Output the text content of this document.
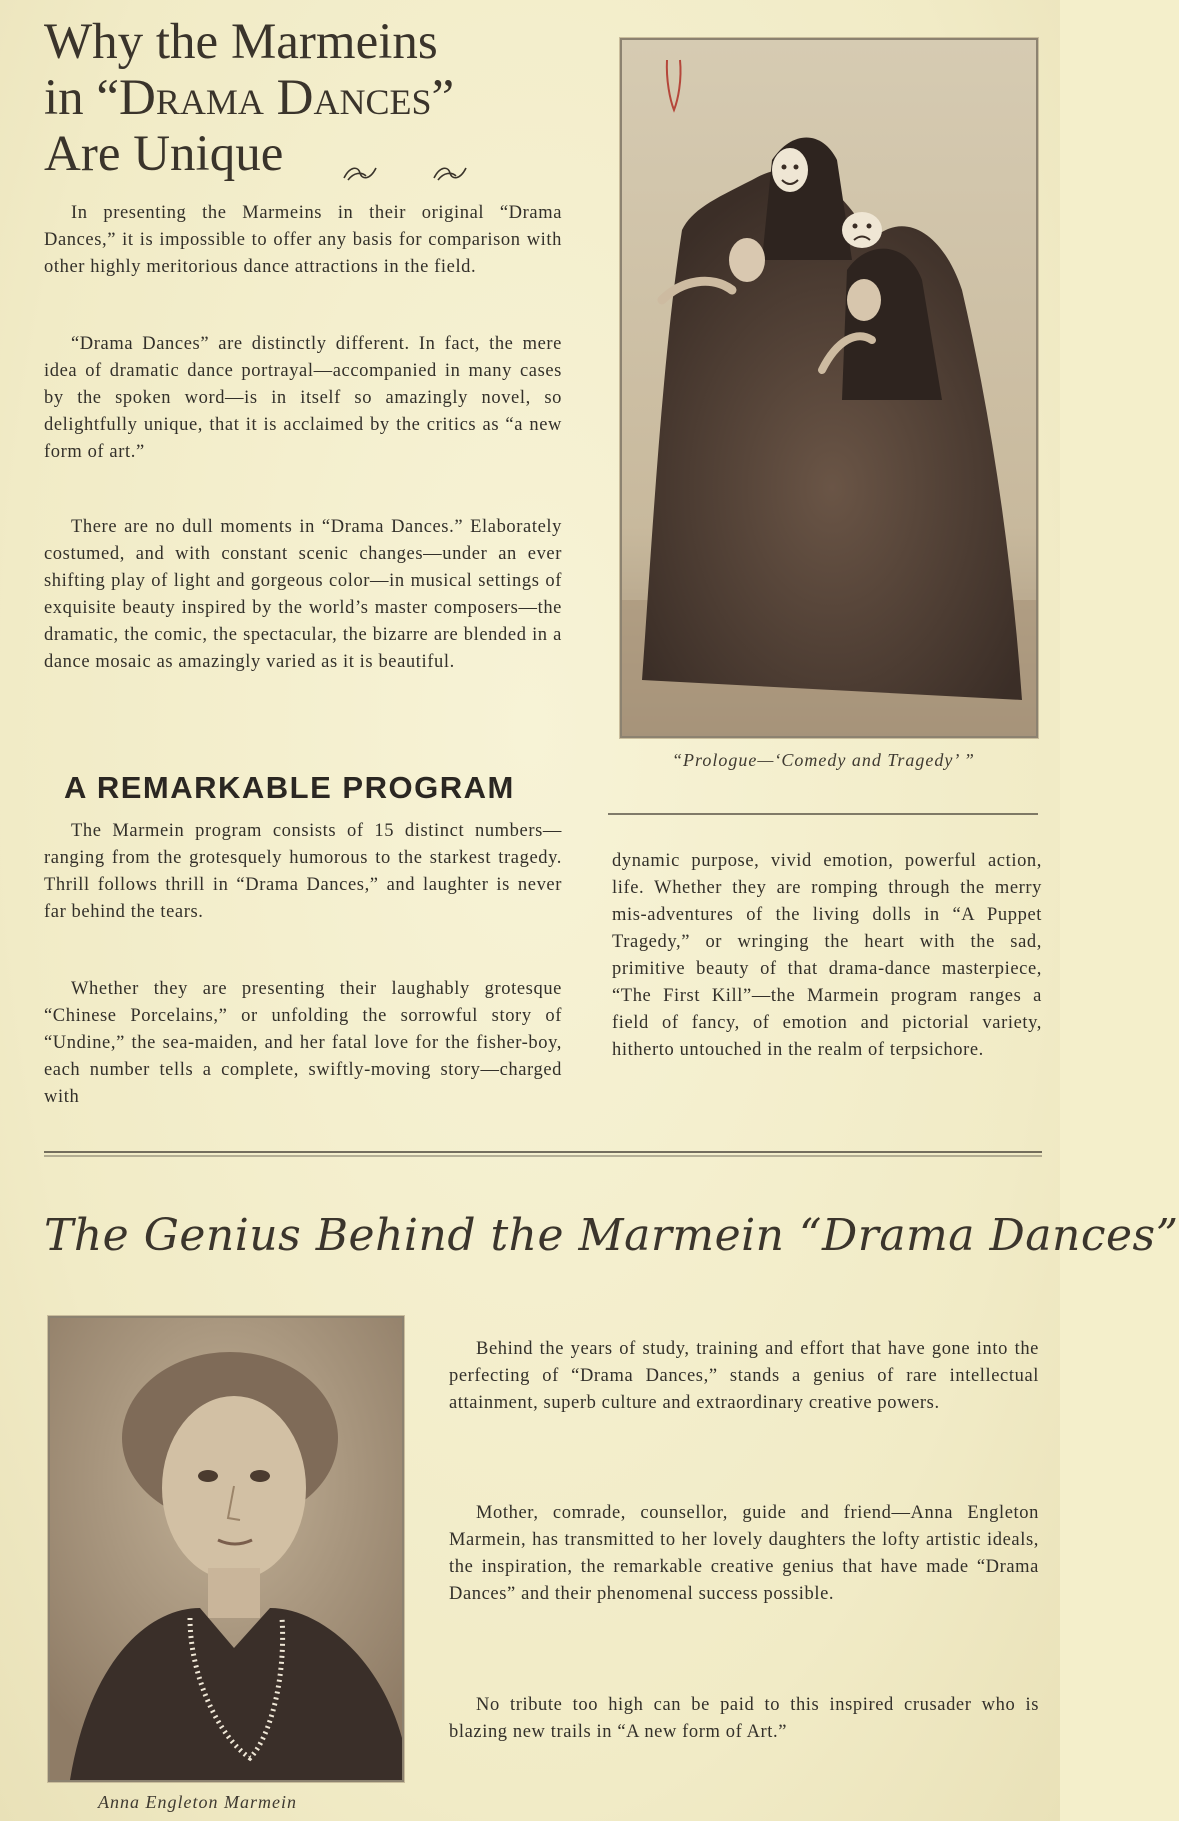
Why the Marmeins
in “Drama Dances”
Are Unique

In presenting the Marmeins in their original “Drama Dances,” it is impossible to offer any basis for comparison with other highly meritorious dance attractions in the field.

“Drama Dances” are distinctly different. In fact, the mere idea of dramatic dance portrayal—accompanied in many cases by the spoken word—is in itself so amazingly novel, so delightfully unique, that it is acclaimed by the critics as “a new form of art.”

There are no dull moments in “Drama Dances.” Elaborately costumed, and with constant scenic changes—under an ever shifting play of light and gorgeous color—in musical settings of exquisite beauty inspired by the world’s master composers—the dramatic, the comic, the spectacular, the bizarre are blended in a dance mosaic as amazingly varied as it is beautiful.

“Prologue—‘Comedy and Tragedy’ ”

A REMARKABLE PROGRAM

The Marmein program consists of 15 distinct numbers—ranging from the grotesquely humorous to the starkest tragedy. Thrill follows thrill in “Drama Dances,” and laughter is never far behind the tears.

Whether they are presenting their laughably grotesque “Chinese Porcelains,” or unfolding the sorrowful story of “Undine,” the sea-maiden, and her fatal love for the fisher-boy, each number tells a complete, swiftly-moving story—charged with

dynamic purpose, vivid emotion, powerful action, life. Whether they are romping through the merry mis-adventures of the living dolls in “A Puppet Tragedy,” or wringing the heart with the sad, primitive beauty of that drama-dance masterpiece, “The First Kill”—the Marmein program ranges a field of fancy, of emotion and pictorial variety, hitherto untouched in the realm of terpsichore.

The Genius Behind the Marmein “Drama Dances”

Anna Engleton Marmein

Behind the years of study, training and effort that have gone into the perfecting of “Drama Dances,” stands a genius of rare intellectual attainment, superb culture and extraordinary creative powers.

Mother, comrade, counsellor, guide and friend—Anna Engleton Marmein, has transmitted to her lovely daughters the lofty artistic ideals, the inspiration, the remarkable creative genius that have made “Drama Dances” and their phenomenal success possible.

No tribute too high can be paid to this inspired crusader who is blazing new trails in “A new form of Art.”
